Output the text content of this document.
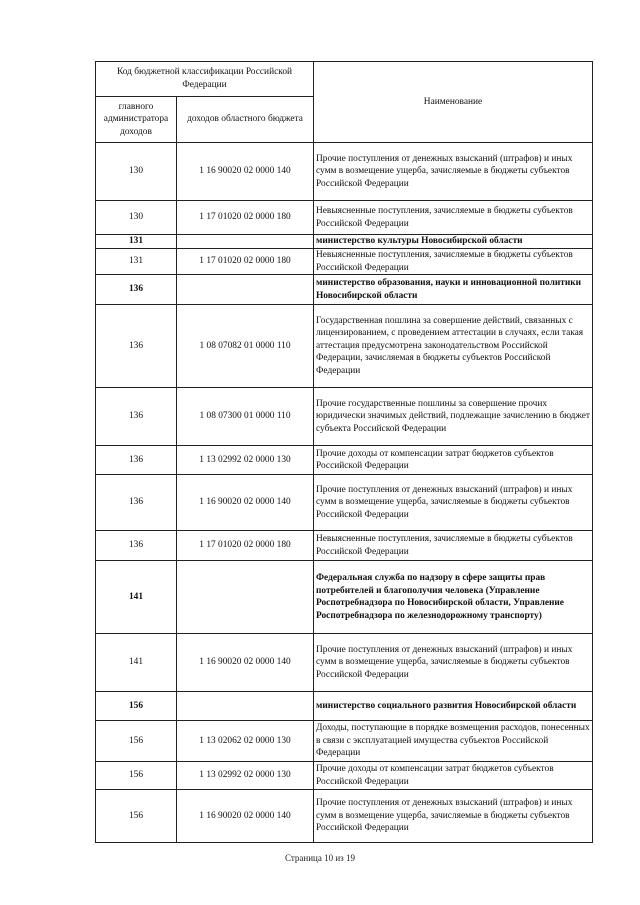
Код бюджетной классификации Российской Федерации		Наименование
главного администратора доходов	доходов областного бюджета	
130	1 16 90020 02 0000 140	Прочие поступления от денежных взысканий (штрафов) и иных сумм в возмещение ущерба, зачисляемые в бюджеты субъектов Российской Федерации
130	1 17 01020 02 0000 180	Невыясненные поступления, зачисляемые в бюджеты субъектов Российской Федерации
131		министерство культуры Новосибирской области
131	1 17 01020 02 0000 180	Невыясненные поступления, зачисляемые в бюджеты субъектов Российской Федерации
136		министерство образования, науки и инновационной политики Новосибирской области
136	1 08 07082 01 0000 110	Государственная пошлина за совершение действий, связанных с лицензированием, с проведением аттестации в случаях, если такая аттестация предусмотрена законодательством Российской Федерации, зачисляемая в бюджеты субъектов Российской Федерации
136	1 08 07300 01 0000 110	Прочие государственные пошлины за совершение прочих юридически значимых действий, подлежащие зачислению в бюджет субъекта Российской Федерации
136	1 13 02992 02 0000 130	Прочие доходы от компенсации затрат бюджетов субъектов Российской Федерации
136	1 16 90020 02 0000 140	Прочие поступления от денежных взысканий (штрафов) и иных сумм в возмещение ущерба, зачисляемые в бюджеты субъектов Российской Федерации
136	1 17 01020 02 0000 180	Невыясненные поступления, зачисляемые в бюджеты субъектов Российской Федерации
141		Федеральная служба по надзору в сфере защиты прав потребителей и благополучия человека (Управление Роспотребнадзора по Новосибирской области, Управление Роспотребнадзора по железнодорожному транспорту)
141	1 16 90020 02 0000 140	Прочие поступления от денежных взысканий (штрафов) и иных сумм в возмещение ущерба, зачисляемые в бюджеты субъектов Российской Федерации
156		министерство социального развития Новосибирской области
156	1 13 02062 02 0000 130	Доходы, поступающие в порядке возмещения расходов, понесенных в связи с эксплуатацией имущества субъектов Российской Федерации
156	1 13 02992 02 0000 130	Прочие доходы от компенсации затрат бюджетов субъектов Российской Федерации
156	1 16 90020 02 0000 140	Прочие поступления от денежных взысканий (штрафов) и иных сумм в возмещение ущерба, зачисляемые в бюджеты субъектов Российской Федерации
Страница 10 из 19
